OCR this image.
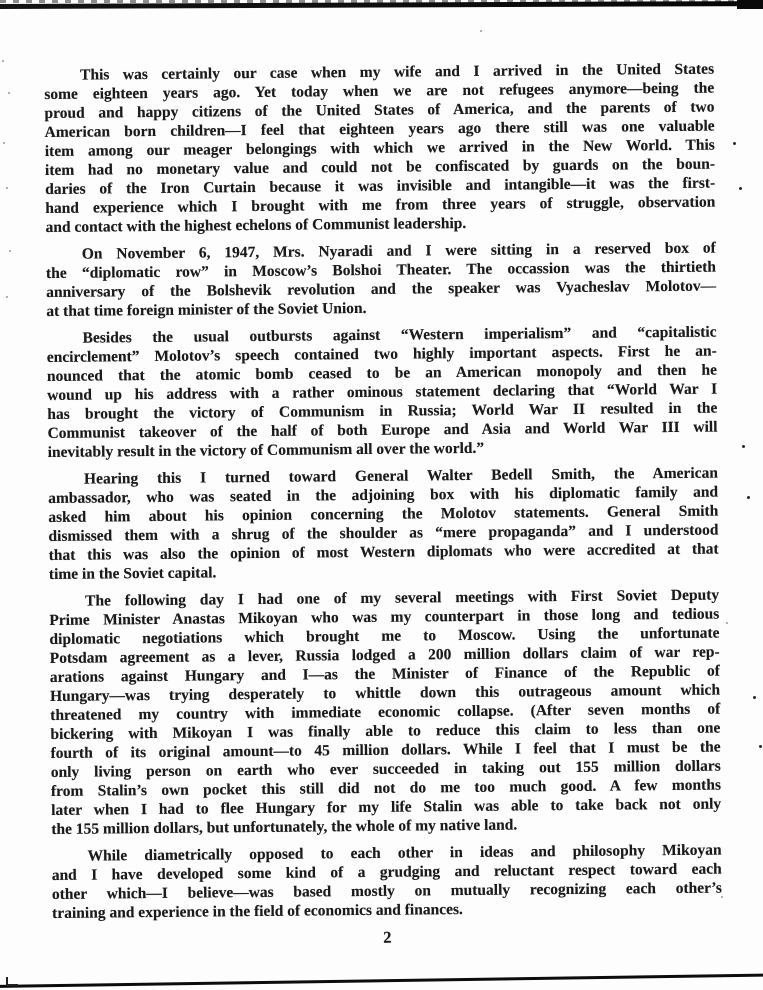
This was certainly our case when my wife and I arrived in the United States
some eighteen years ago. Yet today when we are not refugees anymore—being the
proud and happy citizens of the United States of America, and the parents of two
American born children—I feel that eighteen years ago there still was one valuable
item among our meager belongings with which we arrived in the New World. This
item had no monetary value and could not be confiscated by guards on the boun-
daries of the Iron Curtain because it was invisible and intangible—it was the first-
hand experience which I brought with me from three years of struggle, observation
and contact with the highest echelons of Communist leadership.
On November 6, 1947, Mrs. Nyaradi and I were sitting in a reserved box of
the “diplomatic row” in Moscow’s Bolshoi Theater. The occassion was the thirtieth
anniversary of the Bolshevik revolution and the speaker was Vyacheslav Molotov—
at that time foreign minister of the Soviet Union.
Besides the usual outbursts against “Western imperialism” and “capitalistic
encirclement” Molotov’s speech contained two highly important aspects. First he an-
nounced that the atomic bomb ceased to be an American monopoly and then he
wound up his address with a rather ominous statement declaring that “World War I
has brought the victory of Communism in Russia; World War II resulted in the
Communist takeover of the half of both Europe and Asia and World War III will
inevitably result in the victory of Communism all over the world.”
Hearing this I turned toward General Walter Bedell Smith, the American
ambassador, who was seated in the adjoining box with his diplomatic family and
asked him about his opinion concerning the Molotov statements. General Smith
dismissed them with a shrug of the shoulder as “mere propaganda” and I understood
that this was also the opinion of most Western diplomats who were accredited at that
time in the Soviet capital.
The following day I had one of my several meetings with First Soviet Deputy
Prime Minister Anastas Mikoyan who was my counterpart in those long and tedious
diplomatic negotiations which brought me to Moscow. Using the unfortunate
Potsdam agreement as a lever, Russia lodged a 200 million dollars claim of war rep-
arations against Hungary and I—as the Minister of Finance of the Republic of
Hungary—was trying desperately to whittle down this outrageous amount which
threatened my country with immediate economic collapse. (After seven months of
bickering with Mikoyan I was finally able to reduce this claim to less than one
fourth of its original amount—to 45 million dollars. While I feel that I must be the
only living person on earth who ever succeeded in taking out 155 million dollars
from Stalin’s own pocket this still did not do me too much good. A few months
later when I had to flee Hungary for my life Stalin was able to take back not only
the 155 million dollars, but unfortunately, the whole of my native land.
While diametrically opposed to each other in ideas and philosophy Mikoyan
and I have developed some kind of a grudging and reluctant respect toward each
other which—I believe—was based mostly on mutually recognizing each other’s
training and experience in the field of economics and finances.
2
